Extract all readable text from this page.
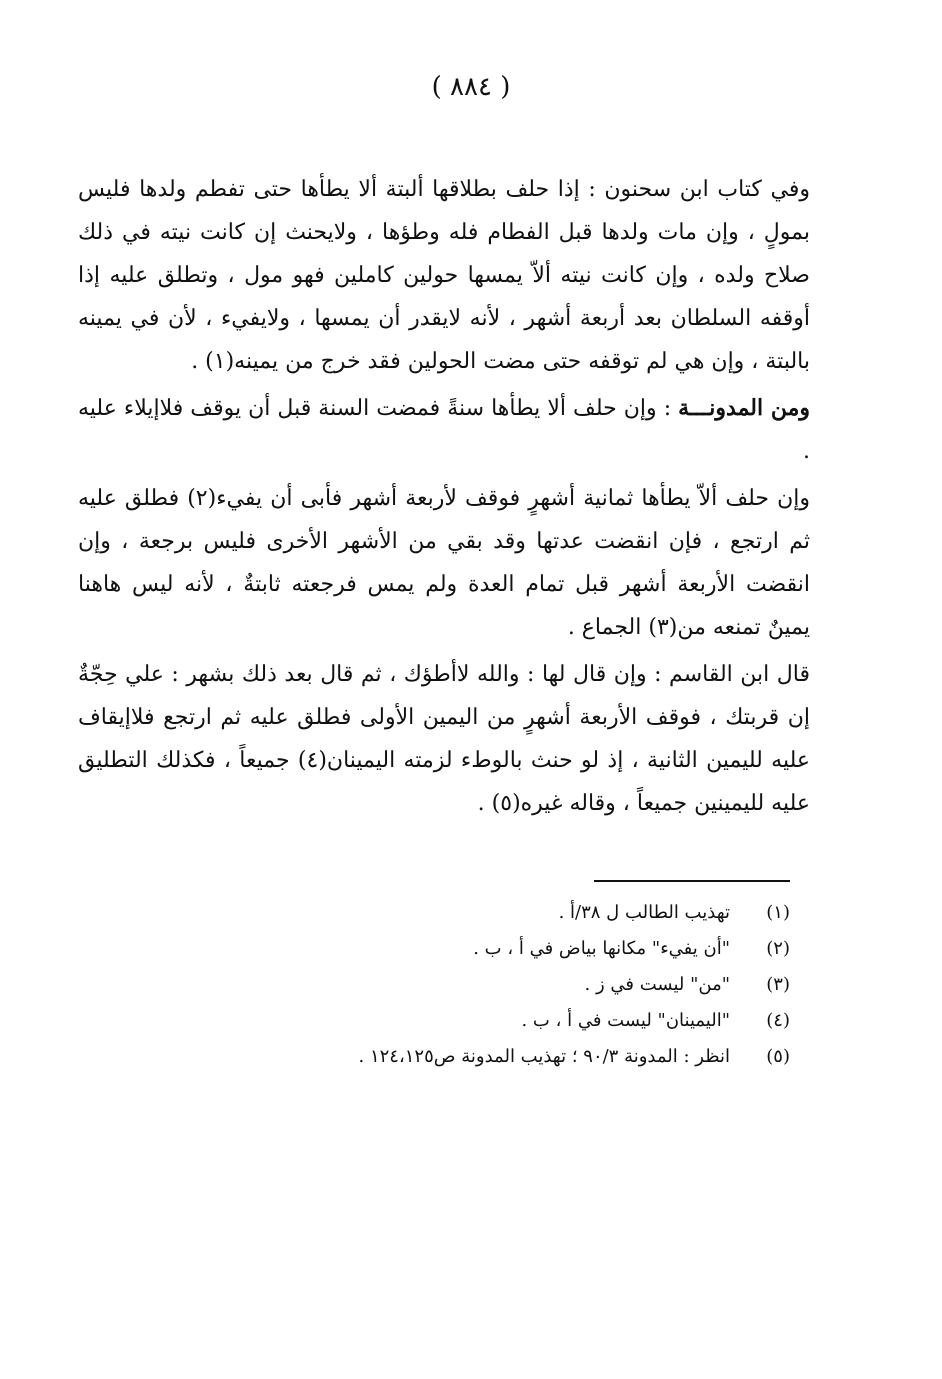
( ٨٨٤ )

وفي كتاب ابن سحنون : إذا حلف بطلاقها ألبتة ألا يطأها حتى تفطم ولدها فليس بمولٍ ، وإن مات ولدها قبل الفطام فله وطؤها ، ولايحنث إن كانت نيته في ذلك صلاح ولده ، وإن كانت نيته ألاّ يمسها حولين كاملين فهو مول ، وتطلق عليه إذا أوقفه السلطان بعد أربعة أشهر ، لأنه لايقدر أن يمسها ، ولايفيء ، لأن في يمينه بالبتة ، وإن هي لم توقفه حتى مضت الحولين فقد خرج من يمينه(١) .

ومن المدونـــة : وإن حلف ألا يطأها سنةً فمضت السنة قبل أن يوقف فلاإيلاء عليه .

وإن حلف ألاّ يطأها ثمانية أشهرٍ فوقف لأربعة أشهر فأبى أن يفيء(٢) فطلق عليه ثم ارتجع ، فإن انقضت عدتها وقد بقي من الأشهر الأخرى فليس برجعة ، وإن انقضت الأربعة أشهر قبل تمام العدة ولم يمس فرجعته ثابتةٌ ، لأنه ليس هاهنا يمينٌ تمنعه من(٣) الجماع .

قال ابن القاسم : وإن قال لها : والله لاأطؤك ، ثم قال بعد ذلك بشهر : علي حِجّةٌ إن قربتك ، فوقف الأربعة أشهرٍ من اليمين الأولى فطلق عليه ثم ارتجع فلاإيقاف عليه لليمين الثانية ، إذ لو حنث بالوطء لزمته اليمينان(٤) جميعاً ، فكذلك التطليق عليه لليمينين جميعاً ، وقاله غيره(٥) .

(١)
تهذيب الطالب ل ٣٨/أ .
(٢)
"أن يفيء" مكانها بياض في أ ، ب .
(٣)
"من" ليست في ز .
(٤)
"اليمينان" ليست في أ ، ب .
(٥)
انظر : المدونة ٩٠/٣ ؛ تهذيب المدونة ص١٢٤،١٢٥ .
